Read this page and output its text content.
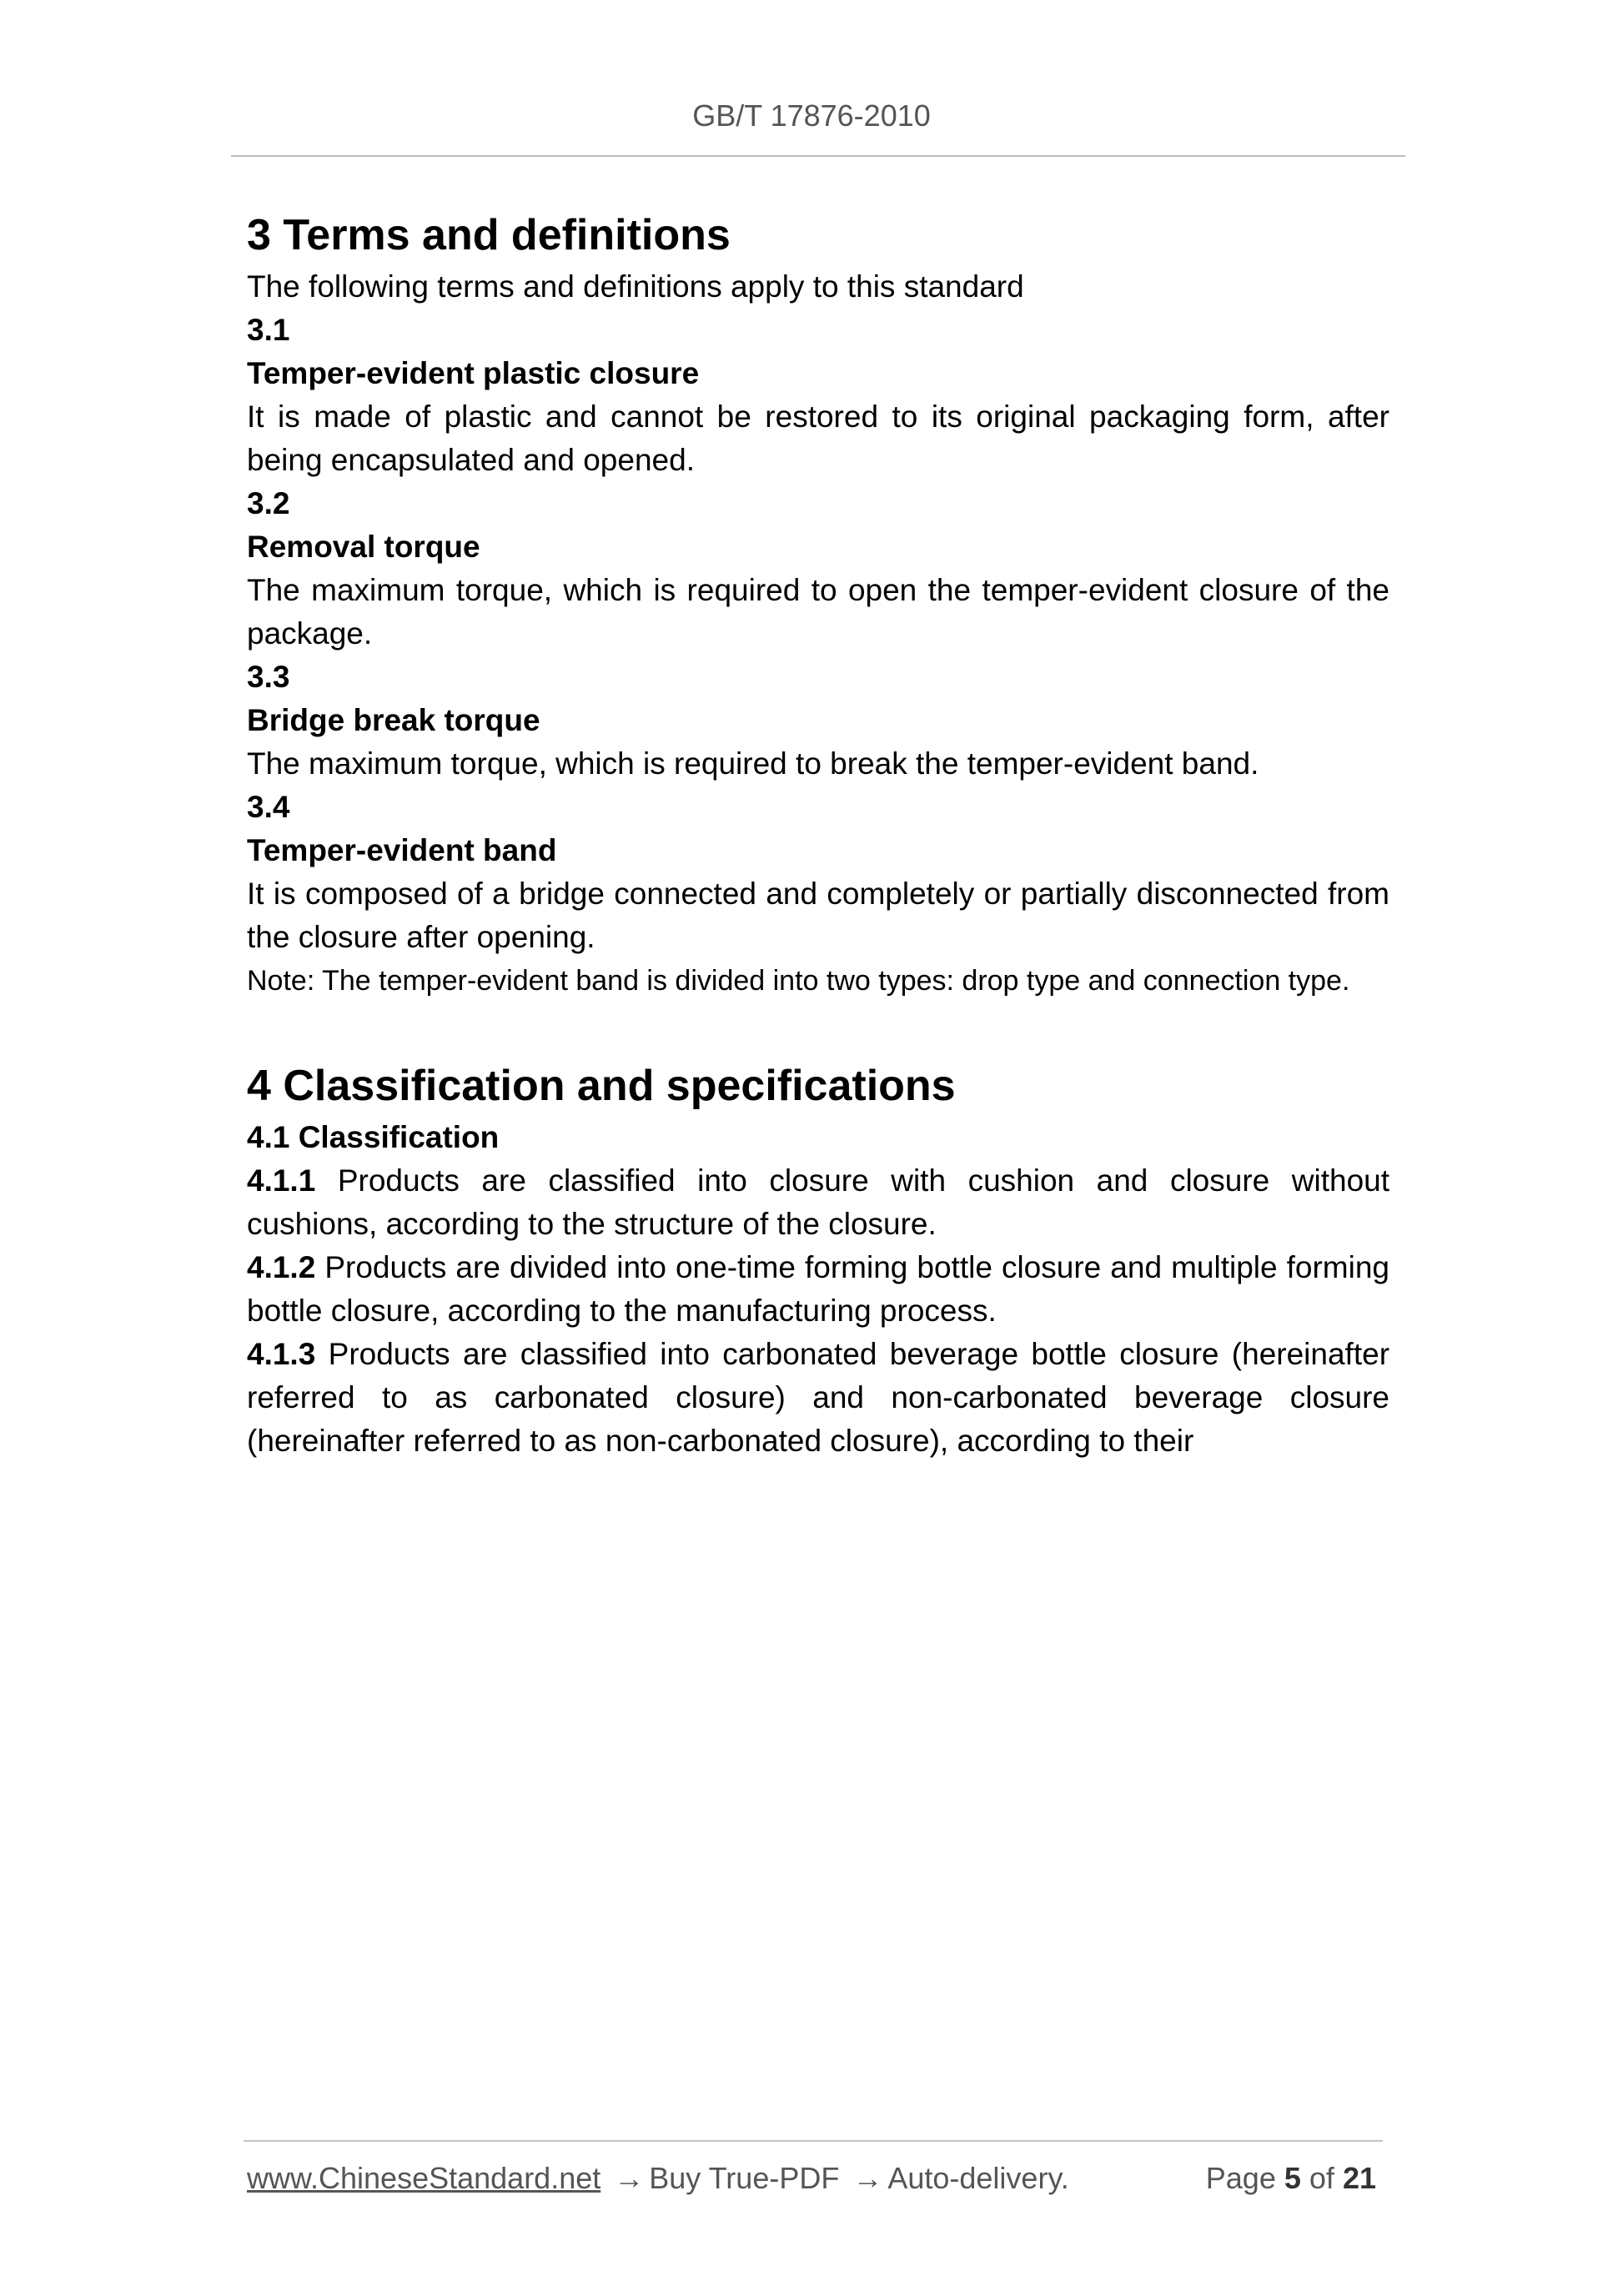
GB/T 17876-2010
3 Terms and definitions

The following terms and definitions apply to this standard

3.1

Temper-evident plastic closure

It is made of plastic and cannot be restored to its original packaging form, after being encapsulated and opened.

3.2

Removal torque

The maximum torque, which is required to open the temper-evident closure of the package.

3.3

Bridge break torque

The maximum torque, which is required to break the temper-evident band.

3.4

Temper-evident band

It is composed of a bridge connected and completely or partially disconnected from the closure after opening.

Note: The temper-evident band is divided into two types: drop type and connection type.

4 Classification and specifications

4.1 Classification

4.1.1 Products are classified into closure with cushion and closure without cushions, according to the structure of the closure.

4.1.2 Products are divided into one-time forming bottle closure and multiple forming bottle closure, according to the manufacturing process.

4.1.3 Products are classified into carbonated beverage bottle closure (hereinafter referred to as carbonated closure) and non-carbonated beverage closure (hereinafter referred to as non-carbonated closure), according to their

www.ChineseStandard.net → Buy True-PDF → Auto-delivery.	Page 5 of 21
